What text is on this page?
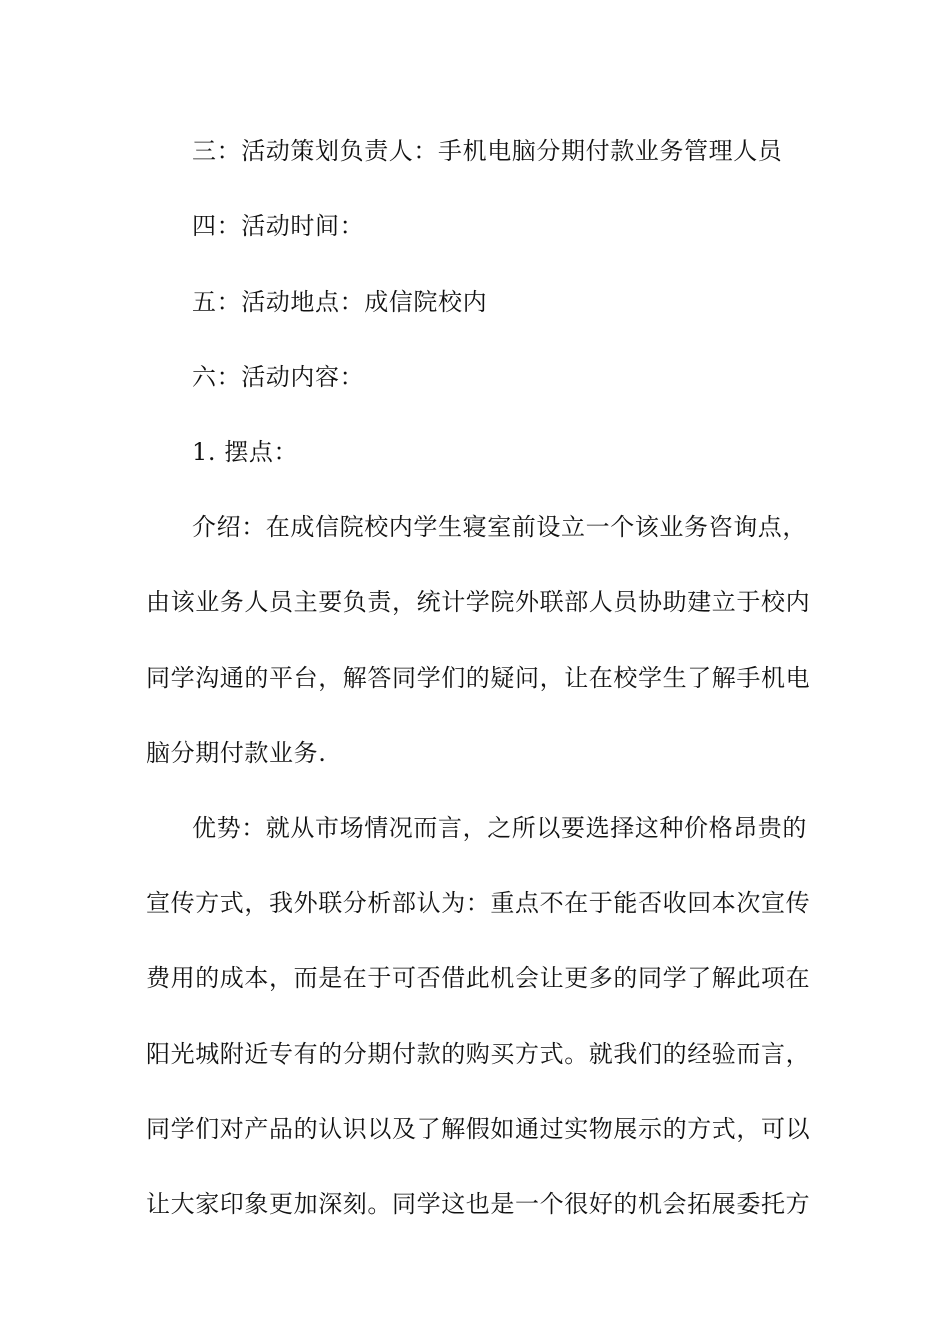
三：活动策划负责人：手机电脑分期付款业务管理人员
四：活动时间：
五：活动地点：成信院校内
六：活动内容：
1. 摆点：
介绍：在成信院校内学生寝室前设立一个该业务咨询点，
由该业务人员主要负责，统计学院外联部人员协助建立于校内
同学沟通的平台，解答同学们的疑问，让在校学生了解手机电
脑分期付款业务.
优势：就从市场情况而言，之所以要选择这种价格昂贵的
宣传方式，我外联分析部认为：重点不在于能否收回本次宣传
费用的成本，而是在于可否借此机会让更多的同学了解此项在
阳光城附近专有的分期付款的购买方式。就我们的经验而言，
同学们对产品的认识以及了解假如通过实物展示的方式，可以
让大家印象更加深刻。同学这也是一个很好的机会拓展委托方
